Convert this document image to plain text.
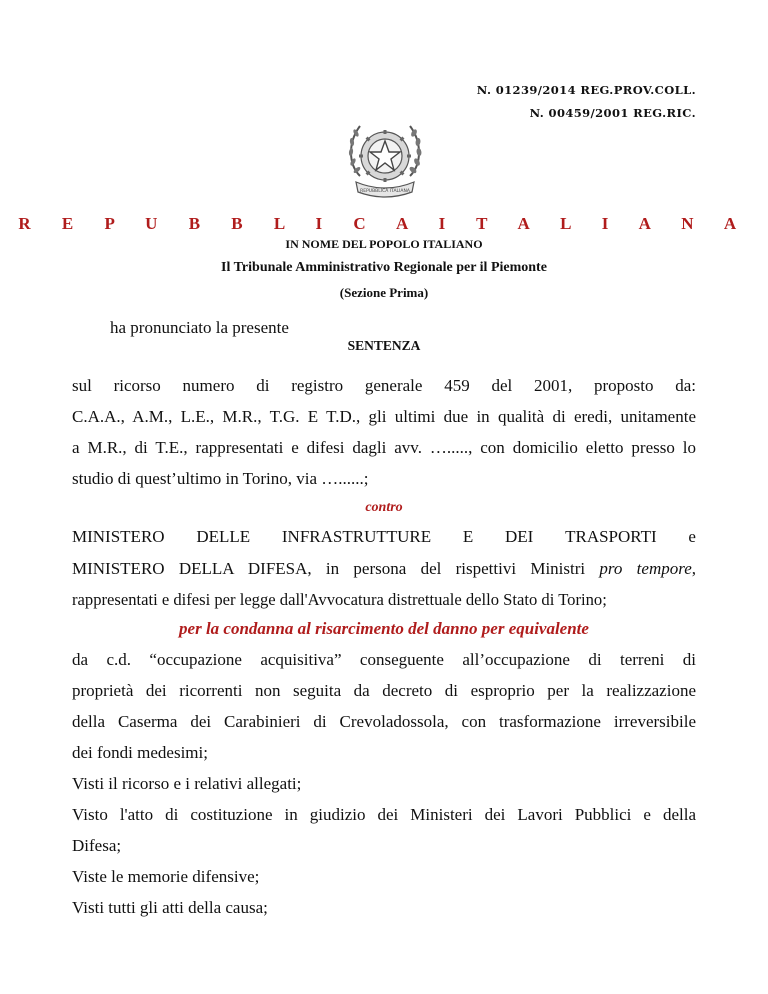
N. 01239/2014 REG.PROV.COLL.
N. 00459/2001 REG.RIC.
REPUBBLICA ITALIANA
R E P U B B L I C A I T A L I A N A
IN NOME DEL POPOLO ITALIANO
Il Tribunale Amministrativo Regionale per il Piemonte
(Sezione Prima)
ha pronunciato la presente
SENTENZA
sul ricorso numero di registro generale 459 del 2001, proposto da:
C.A.A., A.M., L.E., M.R., T.G. E T.D., gli ultimi due in qualità di eredi, unitamente
a M.R., di T.E., rappresentati e difesi dagli avv. …....., con domicilio eletto presso lo
studio di quest’ultimo in Torino, via …......;
contro
MINISTERO DELLE INFRASTRUTTURE E DEI TRASPORTI e
MINISTERO DELLA DIFESA, in persona del rispettivi Ministri pro tempore,
rappresentati e difesi per legge dall'Avvocatura distrettuale dello Stato di Torino;
per la condanna al risarcimento del danno per equivalente
da c.d. “occupazione acquisitiva” conseguente all’occupazione di terreni di
proprietà dei ricorrenti non seguita da decreto di esproprio per la realizzazione
della Caserma dei Carabinieri di Crevoladossola, con trasformazione irreversibile
dei fondi medesimi;
Visti il ricorso e i relativi allegati;
Visto l'atto di costituzione in giudizio dei Ministeri dei Lavori Pubblici e della
Difesa;
Viste le memorie difensive;
Visti tutti gli atti della causa;
